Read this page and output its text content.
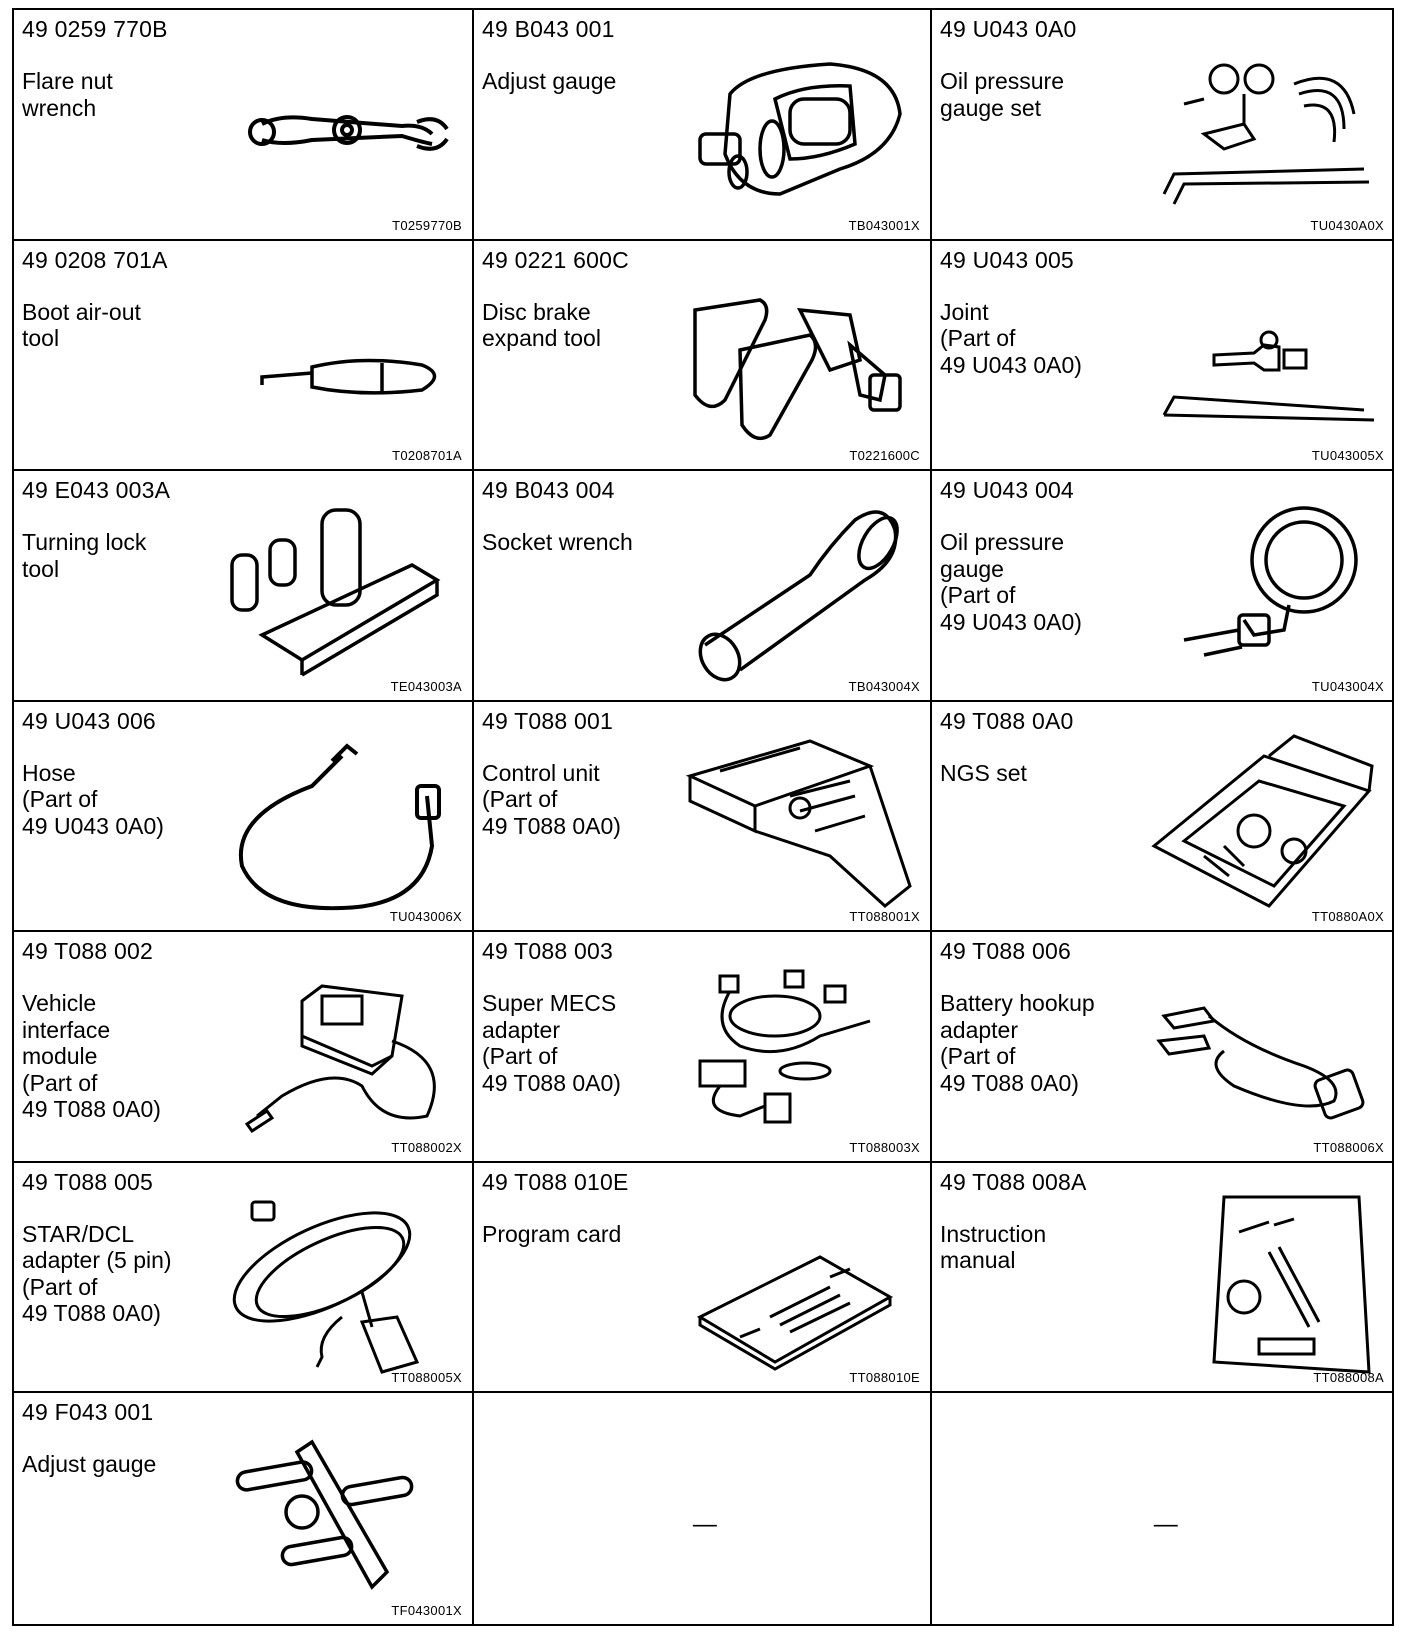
49 0259 770B
Flare nut
wrench
T0259770B
49 B043 001
Adjust gauge
TB043001X
49 U043 0A0
Oil pressure
gauge set
TU0430A0X
49 0208 701A
Boot air-out
tool
T0208701A
49 0221 600C
Disc brake
expand tool
T0221600C
49 U043 005
Joint
(Part of
49 U043 0A0)
TU043005X
49 E043 003A
Turning lock
tool
TE043003A
49 B043 004
Socket wrench
TB043004X
49 U043 004
Oil pressure
gauge
(Part of
49 U043 0A0)
TU043004X
49 U043 006
Hose
(Part of
49 U043 0A0)
TU043006X
49 T088 001
Control unit
(Part of
49 T088 0A0)
TT088001X
49 T088 0A0
NGS set
TT0880A0X
49 T088 002
Vehicle
interface
module
(Part of
49 T088 0A0)
TT088002X
49 T088 003
Super MECS
adapter
(Part of
49 T088 0A0)
TT088003X
49 T088 006
Battery hookup
adapter
(Part of
49 T088 0A0)
TT088006X
49 T088 005
STAR/DCL
adapter (5 pin)
(Part of
49 T088 0A0)
TT088005X
49 T088 010E
Program card
TT088010E
49 T088 008A
Instruction
manual
TT088008A
49 F043 001
Adjust gauge
TF043001X
—	—
